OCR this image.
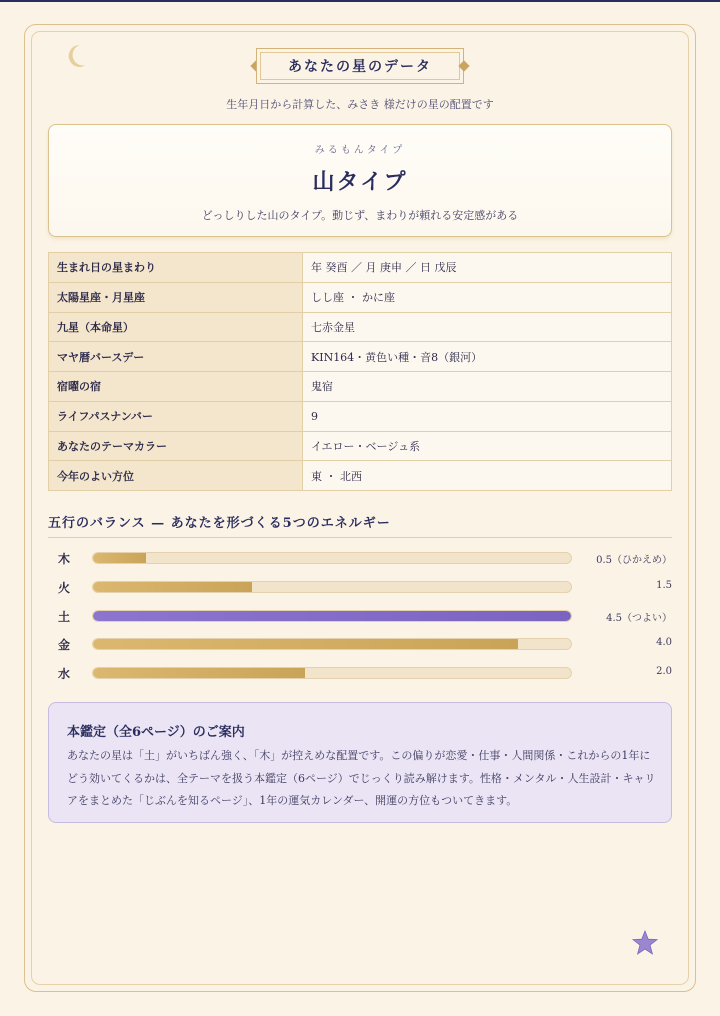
あなたの星のデータ
生年月日から計算した、みさき 様だけの星の配置です
みるもんタイプ
山タイプ
どっしりした山のタイプ。動じず、まわりが頼れる安定感がある
生まれ日の星まわり	年 癸酉 ／ 月 庚申 ／ 日 戊辰
太陽星座・月星座	しし座 ・ かに座
九星（本命星）	七赤金星
マヤ暦バースデー	KIN164・黄色い種・音8（銀河）
宿曜の宿	鬼宿
ライフパスナンバー	9
あなたのテーマカラー	イエロー・ベージュ系
今年のよい方位	東 ・ 北西
五行のバランス — あなたを形づくる5つのエネルギー
木	0.5（ひかえめ）
火	1.5
土	4.5（つよい）
金	4.0
水	2.0
本鑑定（全6ページ）のご案内
あなたの星は「土」がいちばん強く、「木」が控えめな配置です。この偏りが恋愛・仕事・人間関係・これからの1年にどう効いてくるかは、全テーマを扱う本鑑定（6ページ）でじっくり読み解けます。性格・メンタル・人生設計・キャリアをまとめた「じぶんを知るページ」、1年の運気カレンダー、開運の方位もついてきます。
